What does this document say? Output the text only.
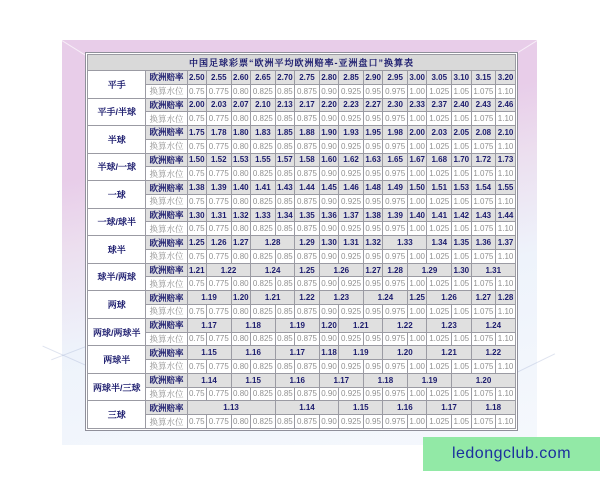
中国足球彩票“欧洲平均欧洲赔率-亚洲盘口”换算表																
平手	欧洲赔率	2.50	2.55	2.60	2.65	2.70	2.75	2.80	2.85	2.90	2.95	3.00	3.05	3.10	3.15	3.20
	换算水位	0.75	0.775	0.80	0.825	0.85	0.875	0.90	0.925	0.95	0.975	1.00	1.025	1.05	1.075	1.10
平手/半球	欧洲赔率	2.00	2.03	2.07	2.10	2.13	2.17	2.20	2.23	2.27	2.30	2.33	2.37	2.40	2.43	2.46
	换算水位	0.75	0.775	0.80	0.825	0.85	0.875	0.90	0.925	0.95	0.975	1.00	1.025	1.05	1.075	1.10
半球	欧洲赔率	1.75	1.78	1.80	1.83	1.85	1.88	1.90	1.93	1.95	1.98	2.00	2.03	2.05	2.08	2.10
	换算水位	0.75	0.775	0.80	0.825	0.85	0.875	0.90	0.925	0.95	0.975	1.00	1.025	1.05	1.075	1.10
半球/一球	欧洲赔率	1.50	1.52	1.53	1.55	1.57	1.58	1.60	1.62	1.63	1.65	1.67	1.68	1.70	1.72	1.73
	换算水位	0.75	0.775	0.80	0.825	0.85	0.875	0.90	0.925	0.95	0.975	1.00	1.025	1.05	1.075	1.10
一球	欧洲赔率	1.38	1.39	1.40	1.41	1.43	1.44	1.45	1.46	1.48	1.49	1.50	1.51	1.53	1.54	1.55
	换算水位	0.75	0.775	0.80	0.825	0.85	0.875	0.90	0.925	0.95	0.975	1.00	1.025	1.05	1.075	1.10
一球/球半	欧洲赔率	1.30	1.31	1.32	1.33	1.34	1.35	1.36	1.37	1.38	1.39	1.40	1.41	1.42	1.43	1.44
	换算水位	0.75	0.775	0.80	0.825	0.85	0.875	0.90	0.925	0.95	0.975	1.00	1.025	1.05	1.075	1.10
球半	欧洲赔率	1.25	1.26	1.27	1.28		1.29	1.30	1.31	1.32	1.33		1.34	1.35	1.36	1.37
	换算水位	0.75	0.775	0.80	0.825	0.85	0.875	0.90	0.925	0.95	0.975	1.00	1.025	1.05	1.075	1.10
球半/两球	欧洲赔率	1.21	1.22		1.24		1.25	1.26		1.27	1.28	1.29		1.30	1.31	
	换算水位	0.75	0.775	0.80	0.825	0.85	0.875	0.90	0.925	0.95	0.975	1.00	1.025	1.05	1.075	1.10
两球	欧洲赔率	1.19		1.20	1.21		1.22	1.23		1.24		1.25	1.26		1.27	1.28
	换算水位	0.75	0.775	0.80	0.825	0.85	0.875	0.90	0.925	0.95	0.975	1.00	1.025	1.05	1.075	1.10
两球/两球半	欧洲赔率	1.17		1.18		1.19		1.20	1.21		1.22		1.23		1.24	
	换算水位	0.75	0.775	0.80	0.825	0.85	0.875	0.90	0.925	0.95	0.975	1.00	1.025	1.05	1.075	1.10
两球半	欧洲赔率	1.15		1.16		1.17		1.18	1.19		1.20		1.21		1.22	
	换算水位	0.75	0.775	0.80	0.825	0.85	0.875	0.90	0.925	0.95	0.975	1.00	1.025	1.05	1.075	1.10
两球半/三球	欧洲赔率	1.14		1.15		1.16		1.17		1.18		1.19		1.20		
	换算水位	0.75	0.775	0.80	0.825	0.85	0.875	0.90	0.925	0.95	0.975	1.00	1.025	1.05	1.075	1.10
三球	欧洲赔率	1.13				1.14			1.15		1.16		1.17		1.18	
	换算水位	0.75	0.775	0.80	0.825	0.85	0.875	0.90	0.925	0.95	0.975	1.00	1.025	1.05	1.075	1.10
ledongclub.com
